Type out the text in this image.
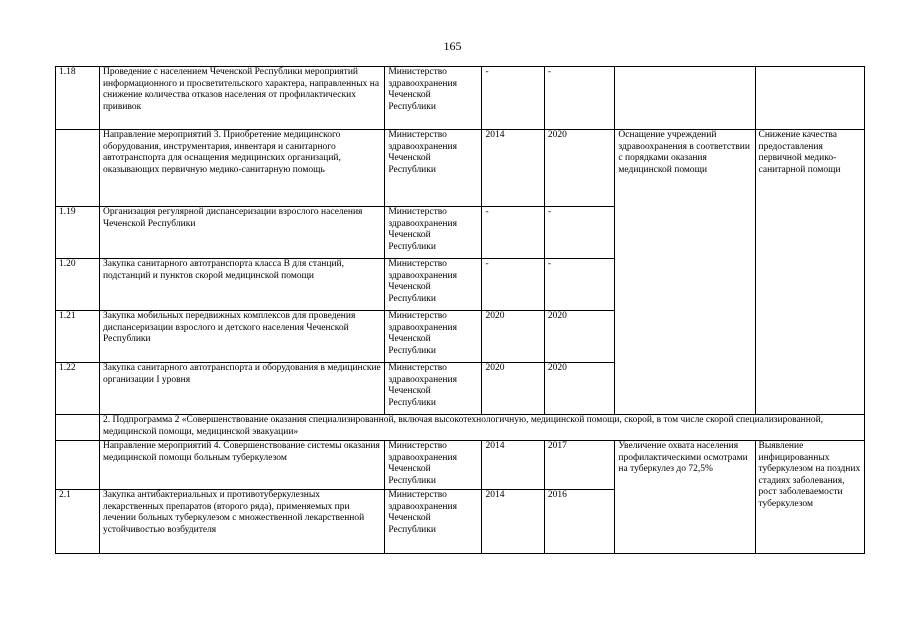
165
1.18	Проведение с населением Чеченской Республики мероприятий информационного и просветительского характера, направленных на снижение количества отказов населения от профилактических прививок	Министерство здравоохранения Чеченской Республики	-	-		
	Направление мероприятий 3. Приобретение медицинского оборудования, инструментария, инвентаря и санитарного автотранспорта для оснащения медицинских организаций, оказывающих первичную медико-санитарную помощь	Министерство здравоохранения Чеченской Республики	2014	2020	Оснащение учреждений здравоохранения в соответствии с порядками оказания медицинской помощи	Снижение качества предоставления первичной медико-санитарной помощи
1.19	Организация регулярной диспансеризации взрослого населения Чеченской Республики	Министерство здравоохранения Чеченской Республики	-	-		
1.20	Закупка санитарного автотранспорта класса В для станций, подстанций и пунктов скорой медицинской помощи	Министерство здравоохранения Чеченской Республики	-	-		
1.21	Закупка мобильных передвижных комплексов для проведения диспансеризации взрослого и детского населения Чеченской Республики	Министерство здравоохранения Чеченской Республики	2020	2020		
1.22	Закупка санитарного автотранспорта и оборудования в медицинские организации I уровня	Министерство здравоохранения Чеченской Республики	2020	2020		
	2. Подпрограмма 2 «Совершенствование оказания специализированной, включая высокотехнологичную, медицинской помощи, скорой, в том числе скорой специализированной, медицинской помощи, медицинской эвакуации»					
	Направление мероприятий 4. Совершенствование системы оказания медицинской помощи больным туберкулезом	Министерство здравоохранения Чеченской Республики	2014	2017	Увеличение охвата населения профилактическими осмотрами на туберкулез до 72,5%	Выявление инфицированных туберкулезом на поздних стадиях заболевания, рост заболеваемости туберкулезом
2.1	Закупка антибактериальных и противотуберкулезных лекарственных препаратов (второго ряда), применяемых при лечении больных туберкулезом с множественной лекарственной устойчивостью возбудителя	Министерство здравоохранения Чеченской Республики	2014	2016		
